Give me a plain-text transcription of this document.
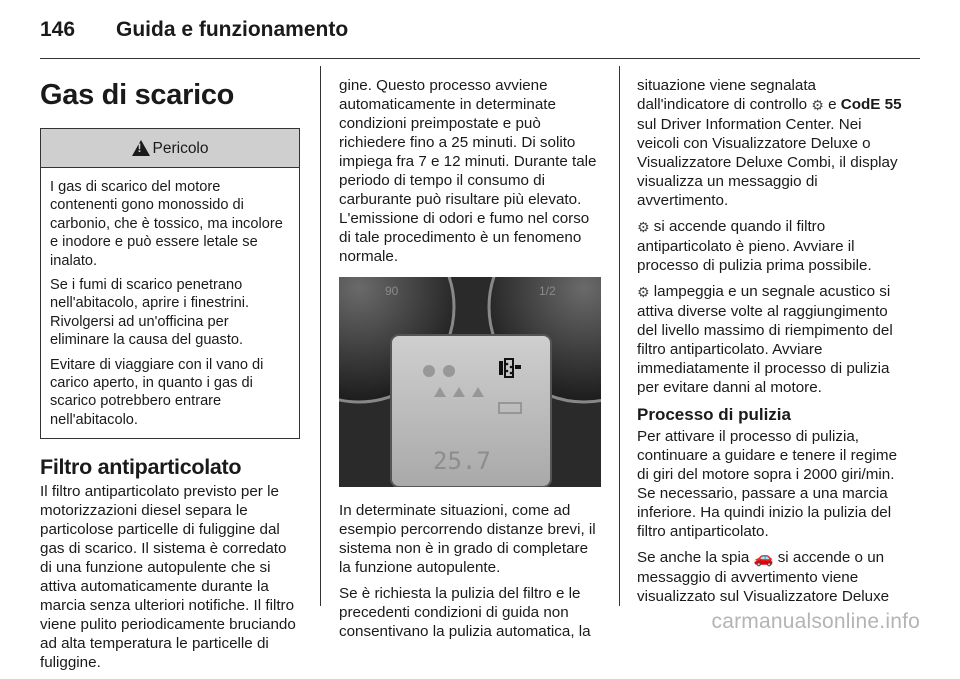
146 Guida e funzionamento
Gas di scarico
!
Pericolo

I gas di scarico del motore contenenti gono monossido di carbonio, che è tossico, ma incolore e inodore e può essere letale se inalato.

Se i fumi di scarico penetrano nell'abitacolo, aprire i finestrini. Rivolgersi ad un'officina per eliminare la causa del guasto.

Evitare di viaggiare con il vano di carico aperto, in quanto i gas di scarico potrebbero entrare nell'abitacolo.

Filtro antiparticolato

Il filtro antiparticolato previsto per le motorizzazioni diesel separa le particolose particelle di fuliggine dal gas di scarico. Il sistema è corredato di una funzione autopulente che si attiva automaticamente durante la marcia senza ulteriori notifiche. Il filtro viene pulito periodicamente bruciando ad alta temperatura le particelle di fuliggine.

gine. Questo processo avviene automaticamente in determinate condizioni preimpostate e può richiedere fino a 25 minuti. Di solito impiega fra 7 e 12 minuti. Durante tale periodo di tempo il consumo di carburante può risultare più elevato. L'emissione di odori e fumo nel corso di tale procedimento è un fenomeno normale.

90	1/2
25.7

In determinate situazioni, come ad esempio percorrendo distanze brevi, il sistema non è in grado di completare la funzione autopulente.

Se è richiesta la pulizia del filtro e le precedenti condizioni di guida non consentivano la pulizia automatica, la

situazione viene segnalata dall'indicatore di controllo ⚙ e CodE 55 sul Driver Information Center. Nei veicoli con Visualizzatore Deluxe o Visualizzatore Deluxe Combi, il display visualizza un messaggio di avvertimento.

⚙ si accende quando il filtro antiparticolato è pieno. Avviare il processo di pulizia prima possibile.

⚙ lampeggia e un segnale acustico si attiva diverse volte al raggiungimento del livello massimo di riempimento del filtro antiparticolato. Avviare immediatamente il processo di pulizia per evitare danni al motore.

Processo di pulizia

Per attivare il processo di pulizia, continuare a guidare e tenere il regime di giri del motore sopra i 2000 giri/min. Se necessario, passare a una marcia inferiore. Ha quindi inizio la pulizia del filtro antiparticolato.

Se anche la spia 🚗 si accende o un messaggio di avvertimento viene visualizzato sul Visualizzatore Deluxe

carmanualsonline.info
